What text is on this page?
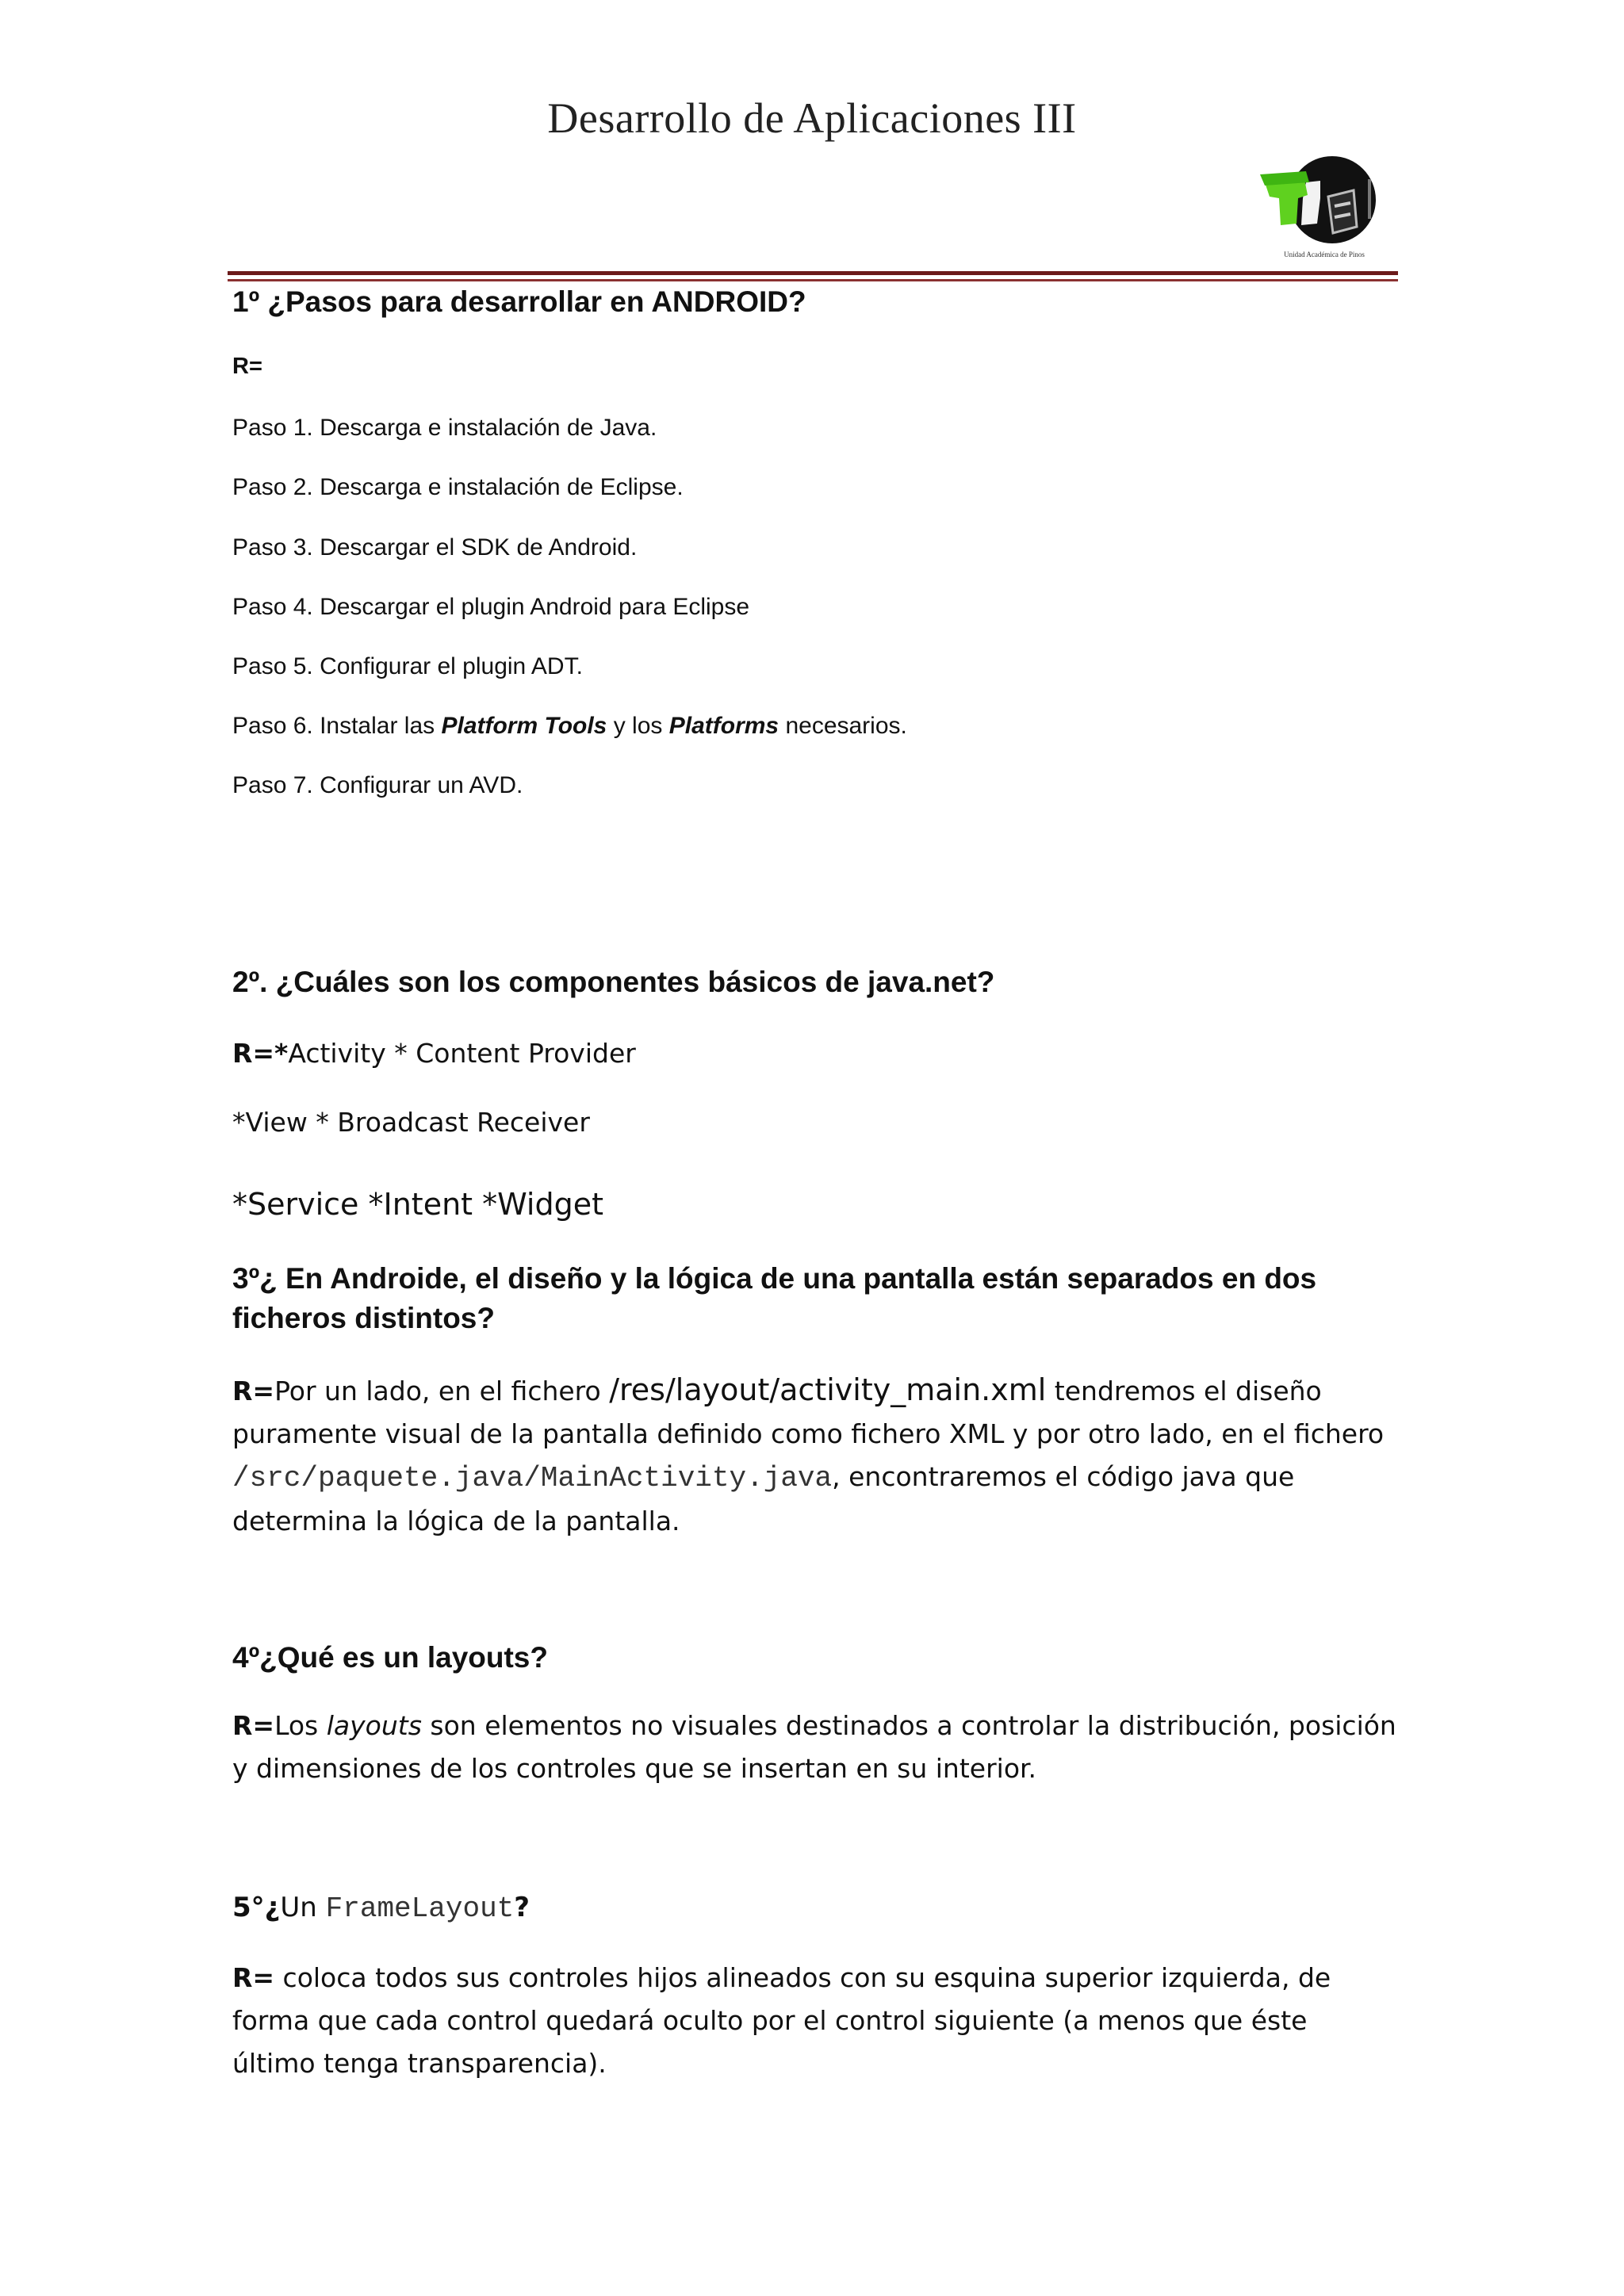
Desarrollo de Aplicaciones III
Unidad Académica de Pinos
1º ¿Pasos para desarrollar en ANDROID?
R=
Paso 1. Descarga e instalación de Java.
Paso 2. Descarga e instalación de Eclipse.
Paso 3. Descargar el SDK de Android.
Paso 4. Descargar el plugin Android para Eclipse
Paso 5. Configurar el plugin ADT.
Paso 6. Instalar las Platform Tools y los Platforms necesarios.
Paso 7. Configurar un AVD.
2º. ¿Cuáles son los componentes básicos de java.net?
R=*Activity * Content Provider
*View * Broadcast Receiver
*Service *Intent *Widget
3º¿ En Androide, el diseño y la lógica de una pantalla están separados en dos ficheros distintos?
R=Por un lado, en el fichero /res/layout/activity_main.xml tendremos el diseño puramente visual de la pantalla definido como fichero XML y por otro lado, en el fichero /src/paquete.java/MainActivity.java, encontraremos el código java que determina la lógica de la pantalla.
4º¿Qué es un layouts?
R=Los layouts son elementos no visuales destinados a controlar la distribución, posición y dimensiones de los controles que se insertan en su interior.
5°¿Un FrameLayout?
R= coloca todos sus controles hijos alineados con su esquina superior izquierda, de forma que cada control quedará oculto por el control siguiente (a menos que éste último tenga transparencia).
